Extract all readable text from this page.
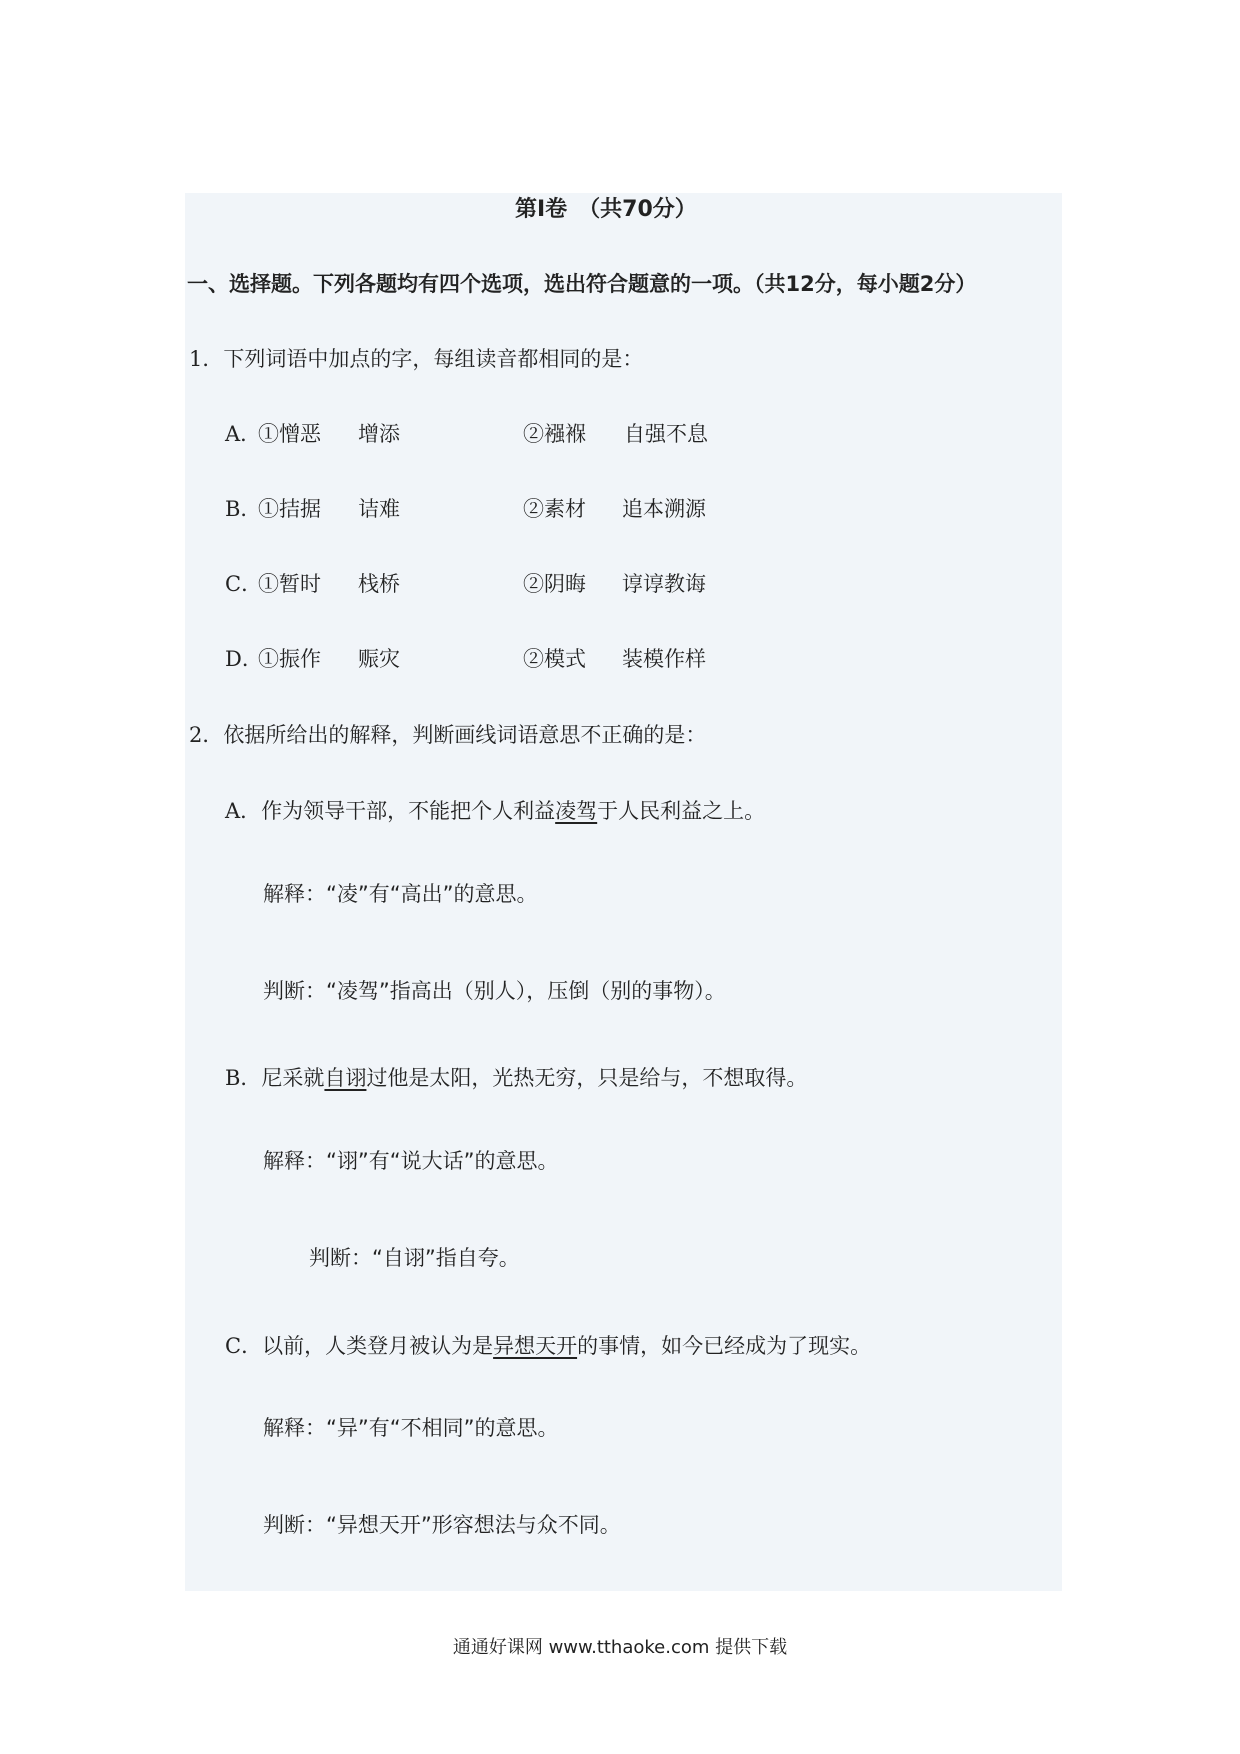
第Ⅰ卷　（共70分）
一、选择题。下列各题均有四个选项，选出符合题意的一项。（共12分，每小题2分）
1．下列词语中加点的字，每组读音都相同的是：
A．
①憎恶 增添	②襁褓 自强不息
B．
①拮据 诘难	②素材 追本溯源
C．
①暂时 栈桥	②阴晦 谆谆教诲
D．
①振作 赈灾	②模式 装模作样
2．依据所给出的解释，判断画线词语意思不正确的是：
A．作为领导干部，不能把个人利益凌驾于人民利益之上。
解释：“凌”有“高出”的意思。
判断：“凌驾”指高出（别人），压倒（别的事物）。
B．尼采就自诩过他是太阳，光热无穷，只是给与，不想取得。
解释：“诩”有“说大话”的意思。
判断：“自诩”指自夸。
C．以前，人类登月被认为是异想天开的事情，如今已经成为了现实。
解释：“异”有“不相同”的意思。
判断：“异想天开”形容想法与众不同。
通通好课网 www.tthaoke.com 提供下载
